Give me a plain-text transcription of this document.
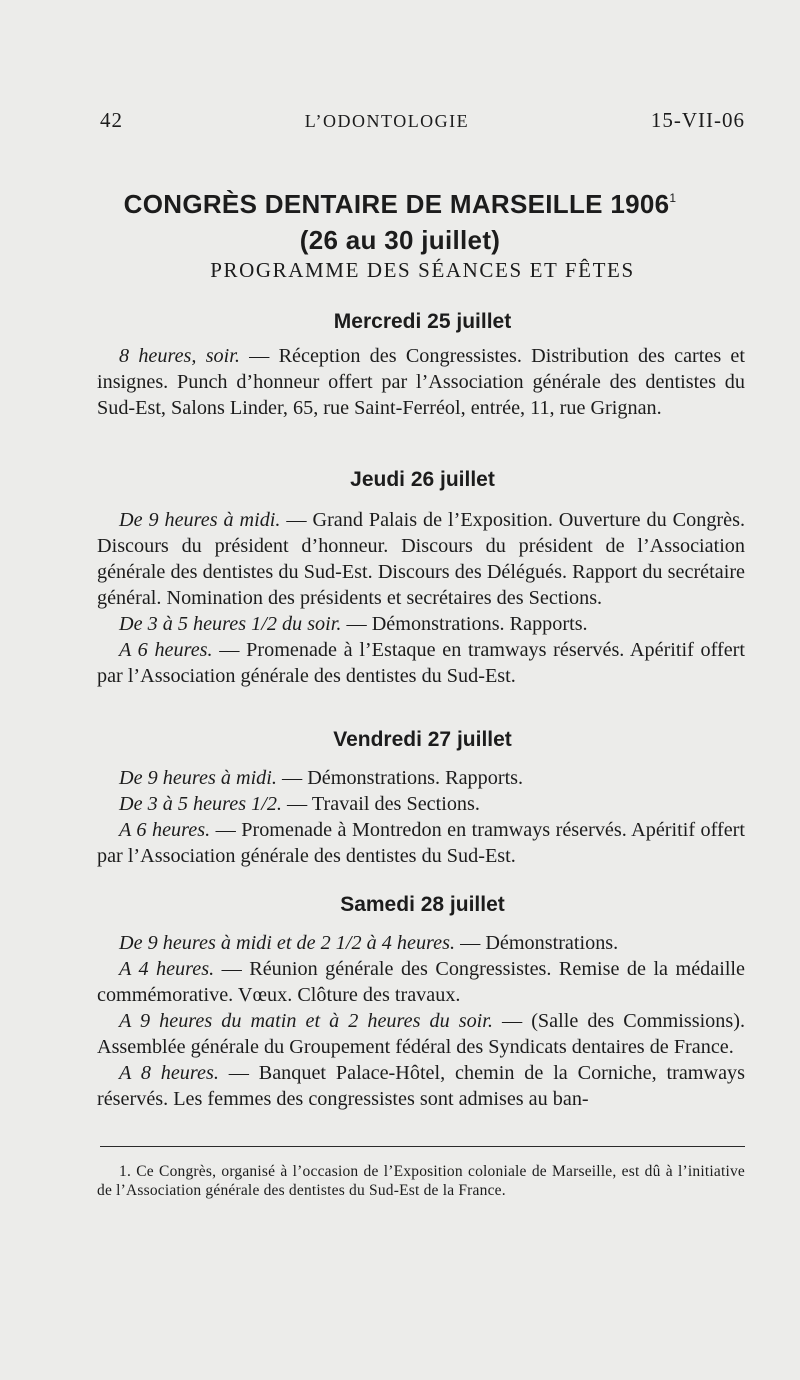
42	L’ODONTOLOGIE	15-VII-06
CONGRÈS DENTAIRE DE MARSEILLE 1906$^1$
(26 au 30 juillet)
PROGRAMME DES SÉANCES ET FÊTES
Mercredi 25 juillet
8 heures, soir. — Réception des Congressistes. Distribution des cartes et insignes. Punch d’honneur offert par l’Association générale des dentistes du Sud-Est, Salons Linder, 65, rue Saint-Ferréol, entrée, 11, rue Grignan.
Jeudi 26 juillet
De 9 heures à midi. — Grand Palais de l’Exposition. Ouverture du Congrès. Discours du président d’honneur. Discours du président de l’Association générale des dentistes du Sud-Est. Discours des Délégués. Rapport du secrétaire général. Nomination des présidents et secrétaires des Sections.
De 3 à 5 heures 1/2 du soir. — Démonstrations. Rapports.
A 6 heures. — Promenade à l’Estaque en tramways réservés. Apéritif offert par l’Association générale des dentistes du Sud-Est.
Vendredi 27 juillet
De 9 heures à midi. — Démonstrations. Rapports.
De 3 à 5 heures 1/2. — Travail des Sections.
A 6 heures. — Promenade à Montredon en tramways réservés. Apéritif offert par l’Association générale des dentistes du Sud-Est.
Samedi 28 juillet
De 9 heures à midi et de 2 1/2 à 4 heures. — Démonstrations.
A 4 heures. — Réunion générale des Congressistes. Remise de la médaille commémorative. Vœux. Clôture des travaux.
A 9 heures du matin et à 2 heures du soir. — (Salle des Commissions). Assemblée générale du Groupement fédéral des Syndicats dentaires de France.
A 8 heures. — Banquet Palace-Hôtel, chemin de la Corniche, tramways réservés. Les femmes des congressistes sont admises au ban-
1. Ce Congrès, organisé à l’occasion de l’Exposition coloniale de Marseille, est dû à l’initiative de l’Association générale des dentistes du Sud-Est de la France.
